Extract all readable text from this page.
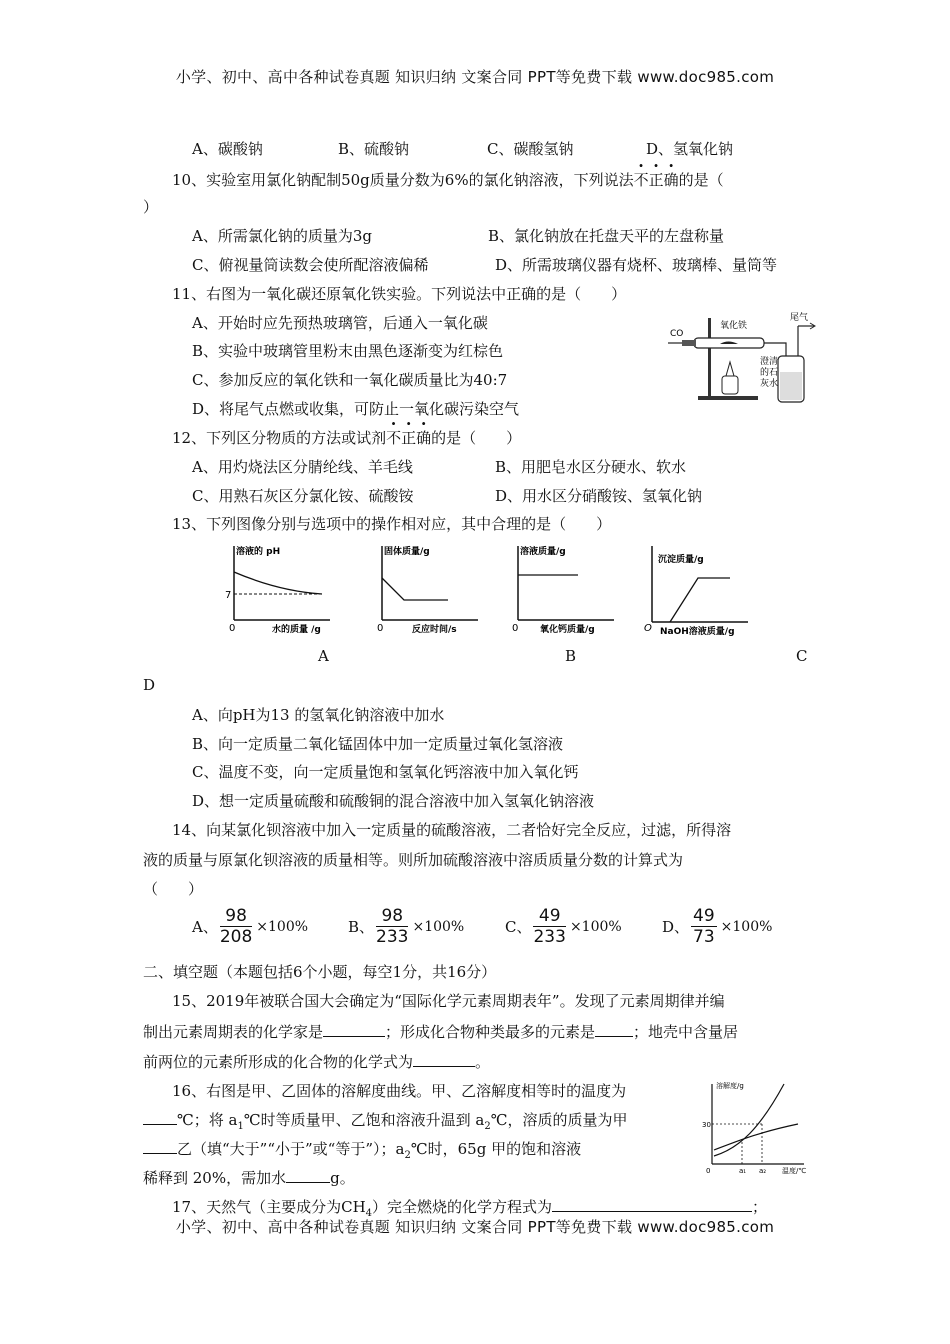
小学、初中、高中各种试卷真题 知识归纳 文案合同 PPT等免费下载 www.doc985.com
A、碳酸钠	B、硫酸钠	C、碳酸氢钠	D、氢氧化钠
10、实验室用氯化钠配制50g质量分数为6%的氯化钠溶液，下列说法不正确的是（
）
A、所需氯化钠的质量为3g	B、氯化钠放在托盘天平的左盘称量
C、俯视量筒读数会使所配溶液偏稀	D、所需玻璃仪器有烧杯、玻璃棒、量筒等
11、右图为一氧化碳还原氧化铁实验。下列说法中正确的是（　　）
A、开始时应先预热玻璃管，后通入一氧化碳
B、实验中玻璃管里粉末由黑色逐渐变为红棕色
C、参加反应的氧化铁和一氧化碳质量比为40:7
D、将尾气点燃或收集，可防止一氧化碳污染空气
CO
氧化铁
尾气
澄清
的石
灰水
12、下列区分物质的方法或试剂不正确的是（　　）
A、用灼烧法区分腈纶线、羊毛线	B、用肥皂水区分硬水、软水
C、用熟石灰区分氯化铵、硫酸铵	D、用水区分硝酸铵、氢氧化钠
13、下列图像分别与选项中的操作相对应，其中合理的是（　　）
溶液的 pH
7
0	水的质量 /g
固体质量/g
0	反应时间/s
溶液质量/g
0 氧化钙质量/g
沉淀质量/g
O NaOH溶液质量/g
A	B	C
D
A、向pH为13 的氢氧化钠溶液中加水
B、向一定质量二氧化锰固体中加一定质量过氧化氢溶液
C、温度不变，向一定质量饱和氢氧化钙溶液中加入氧化钙
D、想一定质量硫酸和硫酸铜的混合溶液中加入氢氧化钠溶液
14、向某氯化钡溶液中加入一定质量的硫酸溶液，二者恰好完全反应，过滤，所得溶
液的质量与原氯化钡溶液的质量相等。则所加硫酸溶液中溶质质量分数的计算式为
（　　）
A、 $\frac{98}{208} \times 100\%$	B、 $\frac{98}{233} \times 100\%$	C、 $\frac{49}{233} \times 100\%$	D、 $\frac{49}{73} \times 100\%$
二、填空题（本题包括6个小题，每空1分，共16分）
15、2019年被联合国大会确定为“国际化学元素周期表年”。发现了元素周期律并编
制出元素周期表的化学家是	；形成化合物种类最多的元素是	；地壳中含量居
前两位的元素所形成的化合物的化学式为	。
16、右图是甲、乙固体的溶解度曲线。甲、乙溶解度相等时的温度为
℃；将 $a_1℃$时等质量甲、乙饱和溶液升温到 $a_2℃$，溶质的质量为甲
乙（填“大于”“小于”或“等于”）；$a_2℃$时，65g 甲的饱和溶液
稀释到 20%，需加水	g。
溶解度/g
30
0	a₁ a₂ 温度/℃
17、天然气（主要成分为$CH_4$）完全燃烧的化学方程式为	；
小学、初中、高中各种试卷真题 知识归纳 文案合同 PPT等免费下载 www.doc985.com
